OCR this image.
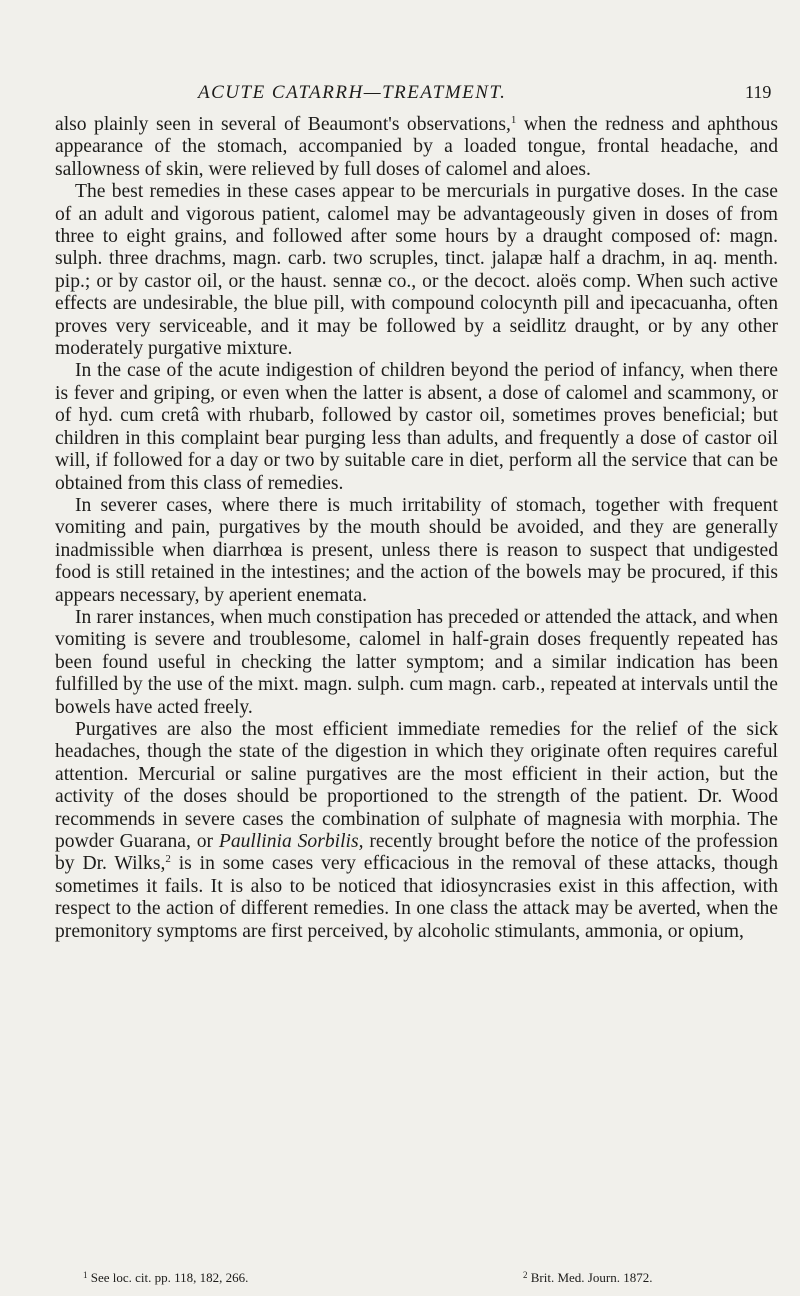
ACUTE CATARRH—TREATMENT.	119

also plainly seen in several of Beaumont's observations,$^1$ when the redness and aphthous appearance of the stomach, accompanied by a loaded tongue, frontal headache, and sallowness of skin, were relieved by full doses of calomel and aloes.

The best remedies in these cases appear to be mercurials in purgative doses. In the case of an adult and vigorous patient, calomel may be advantageously given in doses of from three to eight grains, and followed after some hours by a draught composed of: magn. sulph. three drachms, magn. carb. two scruples, tinct. jalapæ half a drachm, in aq. menth. pip.; or by castor oil, or the haust. sennæ co., or the decoct. aloës comp. When such active effects are undesirable, the blue pill, with compound colocynth pill and ipecacuanha, often proves very serviceable, and it may be followed by a seidlitz draught, or by any other moderately purgative mixture.

In the case of the acute indigestion of children beyond the period of infancy, when there is fever and griping, or even when the latter is absent, a dose of calomel and scammony, or of hyd. cum cretâ with rhubarb, followed by castor oil, sometimes proves beneficial; but children in this complaint bear purging less than adults, and frequently a dose of castor oil will, if followed for a day or two by suitable care in diet, perform all the service that can be obtained from this class of remedies.

In severer cases, where there is much irritability of stomach, together with frequent vomiting and pain, purgatives by the mouth should be avoided, and they are generally inadmissible when diarrhœa is present, unless there is reason to suspect that undigested food is still retained in the intestines; and the action of the bowels may be procured, if this appears necessary, by aperient enemata.

In rarer instances, when much constipation has preceded or attended the attack, and when vomiting is severe and troublesome, calomel in half-grain doses frequently repeated has been found useful in checking the latter symptom; and a similar indication has been fulfilled by the use of the mixt. magn. sulph. cum magn. carb., repeated at intervals until the bowels have acted freely.

Purgatives are also the most efficient immediate remedies for the relief of the sick headaches, though the state of the digestion in which they originate often requires careful attention. Mercurial or saline purgatives are the most efficient in their action, but the activity of the doses should be proportioned to the strength of the patient. Dr. Wood recommends in severe cases the combination of sulphate of magnesia with morphia. The powder Guarana, or Paullinia Sorbilis, recently brought before the notice of the profession by Dr. Wilks,$^2$ is in some cases very efficacious in the removal of these attacks, though sometimes it fails. It is also to be noticed that idiosyncrasies exist in this affection, with respect to the action of different remedies. In one class the attack may be averted, when the premonitory symptoms are first perceived, by alcoholic stimulants, ammonia, or opium,

$^1$ See loc. cit. pp. 118, 182, 266.	$^2$ Brit. Med. Journ. 1872.
